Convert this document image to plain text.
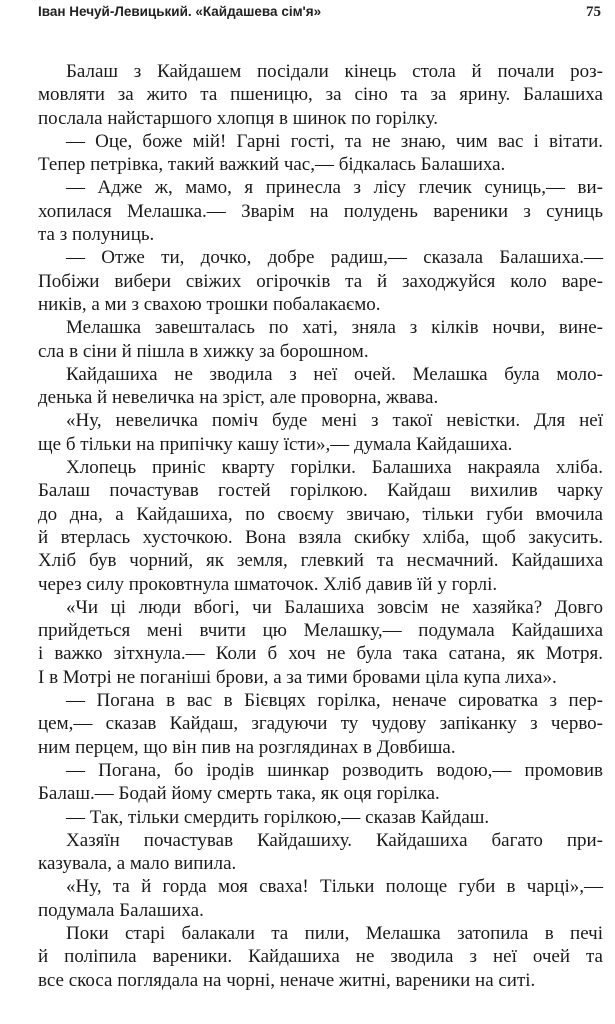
Іван Нечуй-Левицький. «Кайдашева сім'я»	75
Балаш з Кайдашем посідали кінець стола й почали роз-
мовляти за жито та пшеницю, за сіно та за ярину. Балашиха
послала найстаршого хлопця в шинок по горілку.
— Оце, боже мій! Гарні гості, та не знаю, чим вас і вітати.
Тепер петрівка, такий важкий час,— бідкалась Балашиха.
— Адже ж, мамо, я принесла з лісу глечик суниць,— ви-
хопилася Мелашка.— Зварім на полудень вареники з суниць
та з полуниць.
— Отже ти, дочко, добре радиш,— сказала Балашиха.—
Побіжи вибери свіжих огірочків та й заходжуйся коло варе-
ників, а ми з свахою трошки побалакаємо.
Мелашка завешталась по хаті, зняла з кілків ночви, вине-
сла в сіни й пішла в хижку за борошном.
Кайдашиха не зводила з неї очей. Мелашка була моло-
денька й невеличка на зріст, але проворна, жвава.
«Ну, невеличка поміч буде мені з такої невістки. Для неї
ще б тільки на припічку кашу їсти»,— думала Кайдашиха.
Хлопець приніс кварту горілки. Балашиха накраяла хліба.
Балаш почастував гостей горілкою. Кайдаш вихилив чарку
до дна, а Кайдашиха, по своєму звичаю, тільки губи вмочила
й втерлась хусточкою. Вона взяла скибку хліба, щоб закусить.
Хліб був чорний, як земля, глевкий та несмачний. Кайдашиха
через силу проковтнула шматочок. Хліб давив їй у горлі.
«Чи ці люди вбогі, чи Балашиха зовсім не хазяйка? Довго
прийдеться мені вчити цю Мелашку,— подумала Кайдашиха
і важко зітхнула.— Коли б хоч не була така сатана, як Мотря.
І в Мотрі не поганіші брови, а за тими бровами ціла купа лиха».
— Погана в вас в Бієвцях горілка, неначе сироватка з пер-
цем,— сказав Кайдаш, згадуючи ту чудову запіканку з черво-
ним перцем, що він пив на розглядинах в Довбиша.
— Погана, бо іродів шинкар розводить водою,— промовив
Балаш.— Бодай йому смерть така, як оця горілка.
— Так, тільки смердить горілкою,— сказав Кайдаш.
Хазяїн почастував Кайдашиху. Кайдашиха багато при-
казувала, а мало випила.
«Ну, та й горда моя сваха! Тільки полоще губи в чарці»,—
подумала Балашиха.
Поки старі балакали та пили, Мелашка затопила в печі
й поліпила вареники. Кайдашиха не зводила з неї очей та
все скоса поглядала на чорні, неначе житні, вареники на ситі.
